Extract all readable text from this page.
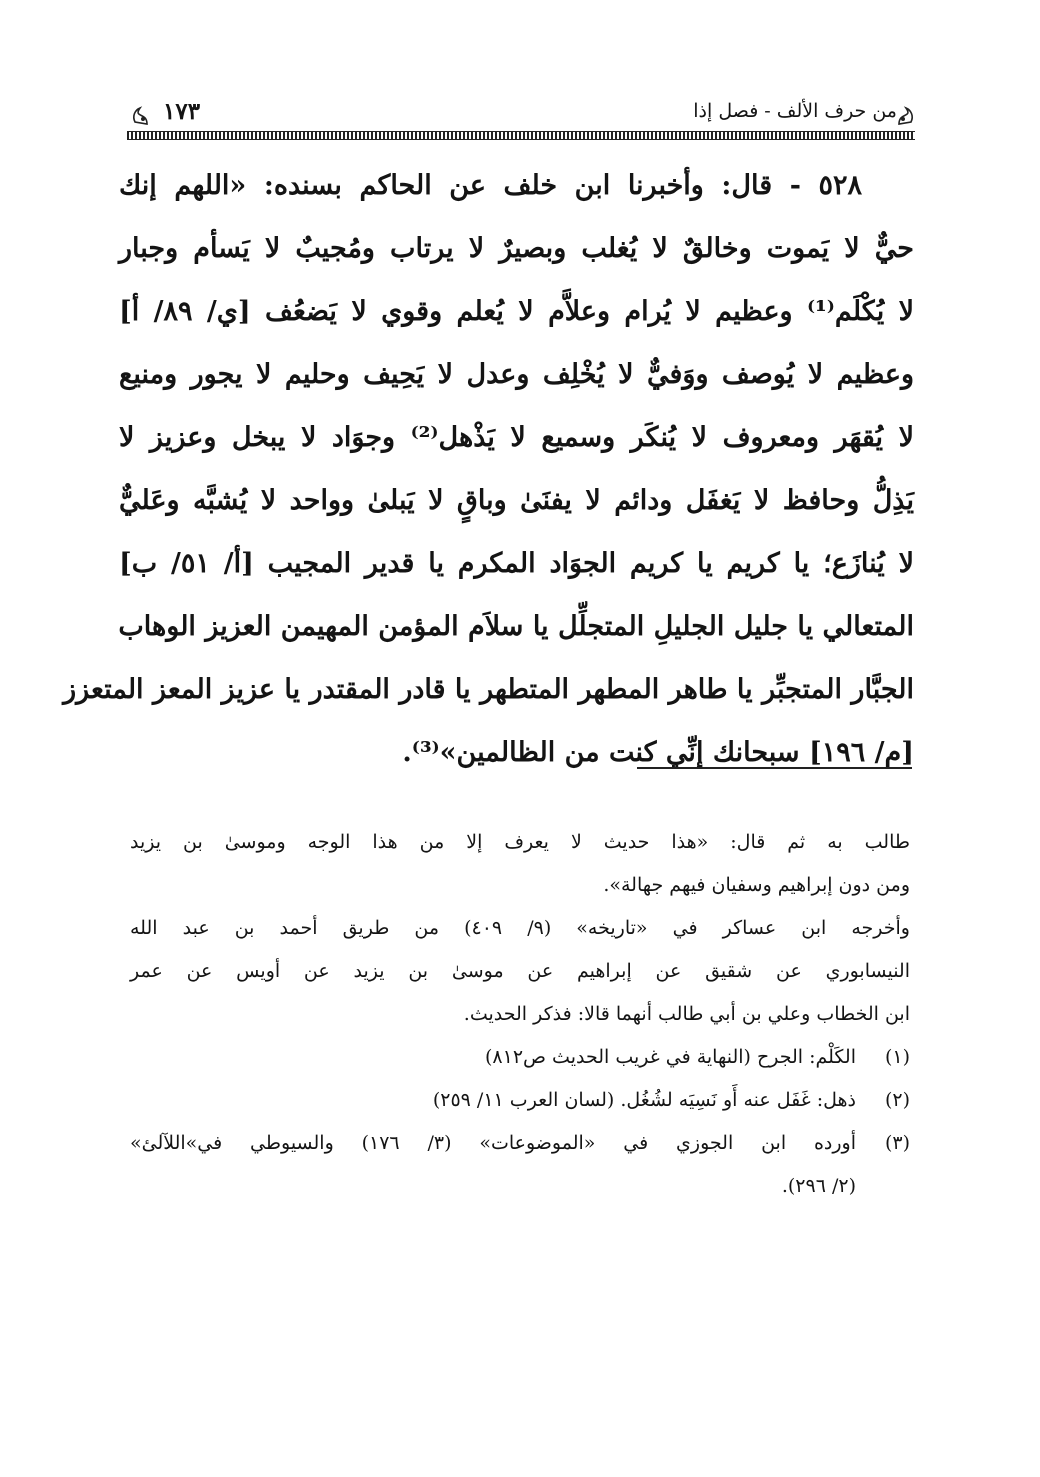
من حرف الألف - فصل إذا
١٧٣
٥٢٨ - قال: وأخبرنا ابن خلف عن الحاكم بسنده: «اللهم إنك
حيٌّ لا يَموت وخالقٌ لا يُغلب وبصيرٌ لا يرتاب ومُجيبٌ لا يَسأم وجبار
لا يُكْلَم⁽¹⁾ وعظيم لا يُرام وعلاَّم لا يُعلم وقوي لا يَضعُف [ي/ ٨٩/ أ]
وعظيم لا يُوصف ووَفيٌّ لا يُخْلِف وعدل لا يَحِيف وحليم لا يجور ومنيع
لا يُقهَر ومعروف لا يُنكَر وسميع لا يَذْهل⁽²⁾ وجوَاد لا يبخل وعزيز لا
يَذِلُّ وحافظ لا يَغفَل ودائم لا يفنَىٰ وباقٍ لا يَبلىٰ وواحد لا يُشبَّه وعَليٌّ
لا يُنازَع؛ يا كريم يا كريم الجوَاد المكرم يا قدير المجيب [أ/ ٥١/ ب]
المتعالي يا جليل الجليلِ المتجلِّل يا سلاَم المؤمن المهيمن العزيز الوهاب
الجبَّار المتجبِّر يا طاهر المطهر المتطهر يا قادر المقتدر يا عزيز المعز المتعزز
[م/ ١٩٦] سبحانك إنِّي كنت من الظالمين»⁽³⁾.
طالب به ثم قال: «هذا حديث لا يعرف إلا من هذا الوجه وموسىٰ بن يزيد
ومن دون إبراهيم وسفيان فيهم جهالة».
وأخرجه ابن عساكر في «تاريخه» (٩/ ٤٠٩) من طريق أحمد بن عبد الله
النيسابوري عن شقيق عن إبراهيم عن موسىٰ بن يزيد عن أويس عن عمر
ابن الخطاب وعلي بن أبي طالب أنهما قالا: فذكر الحديث.
(١)
الكَلْم: الجرح (النهاية في غريب الحديث ص٨١٢)
(٢)
ذهل: غَفَل عنه أَو نَسِيَه لشُغُل. (لسان العرب ١١/ ٢٥٩)
(٣)
أورده ابن الجوزي في «الموضوعات» (٣/ ١٧٦) والسيوطي في»اللآلئ»
(٢/ ٢٩٦).
